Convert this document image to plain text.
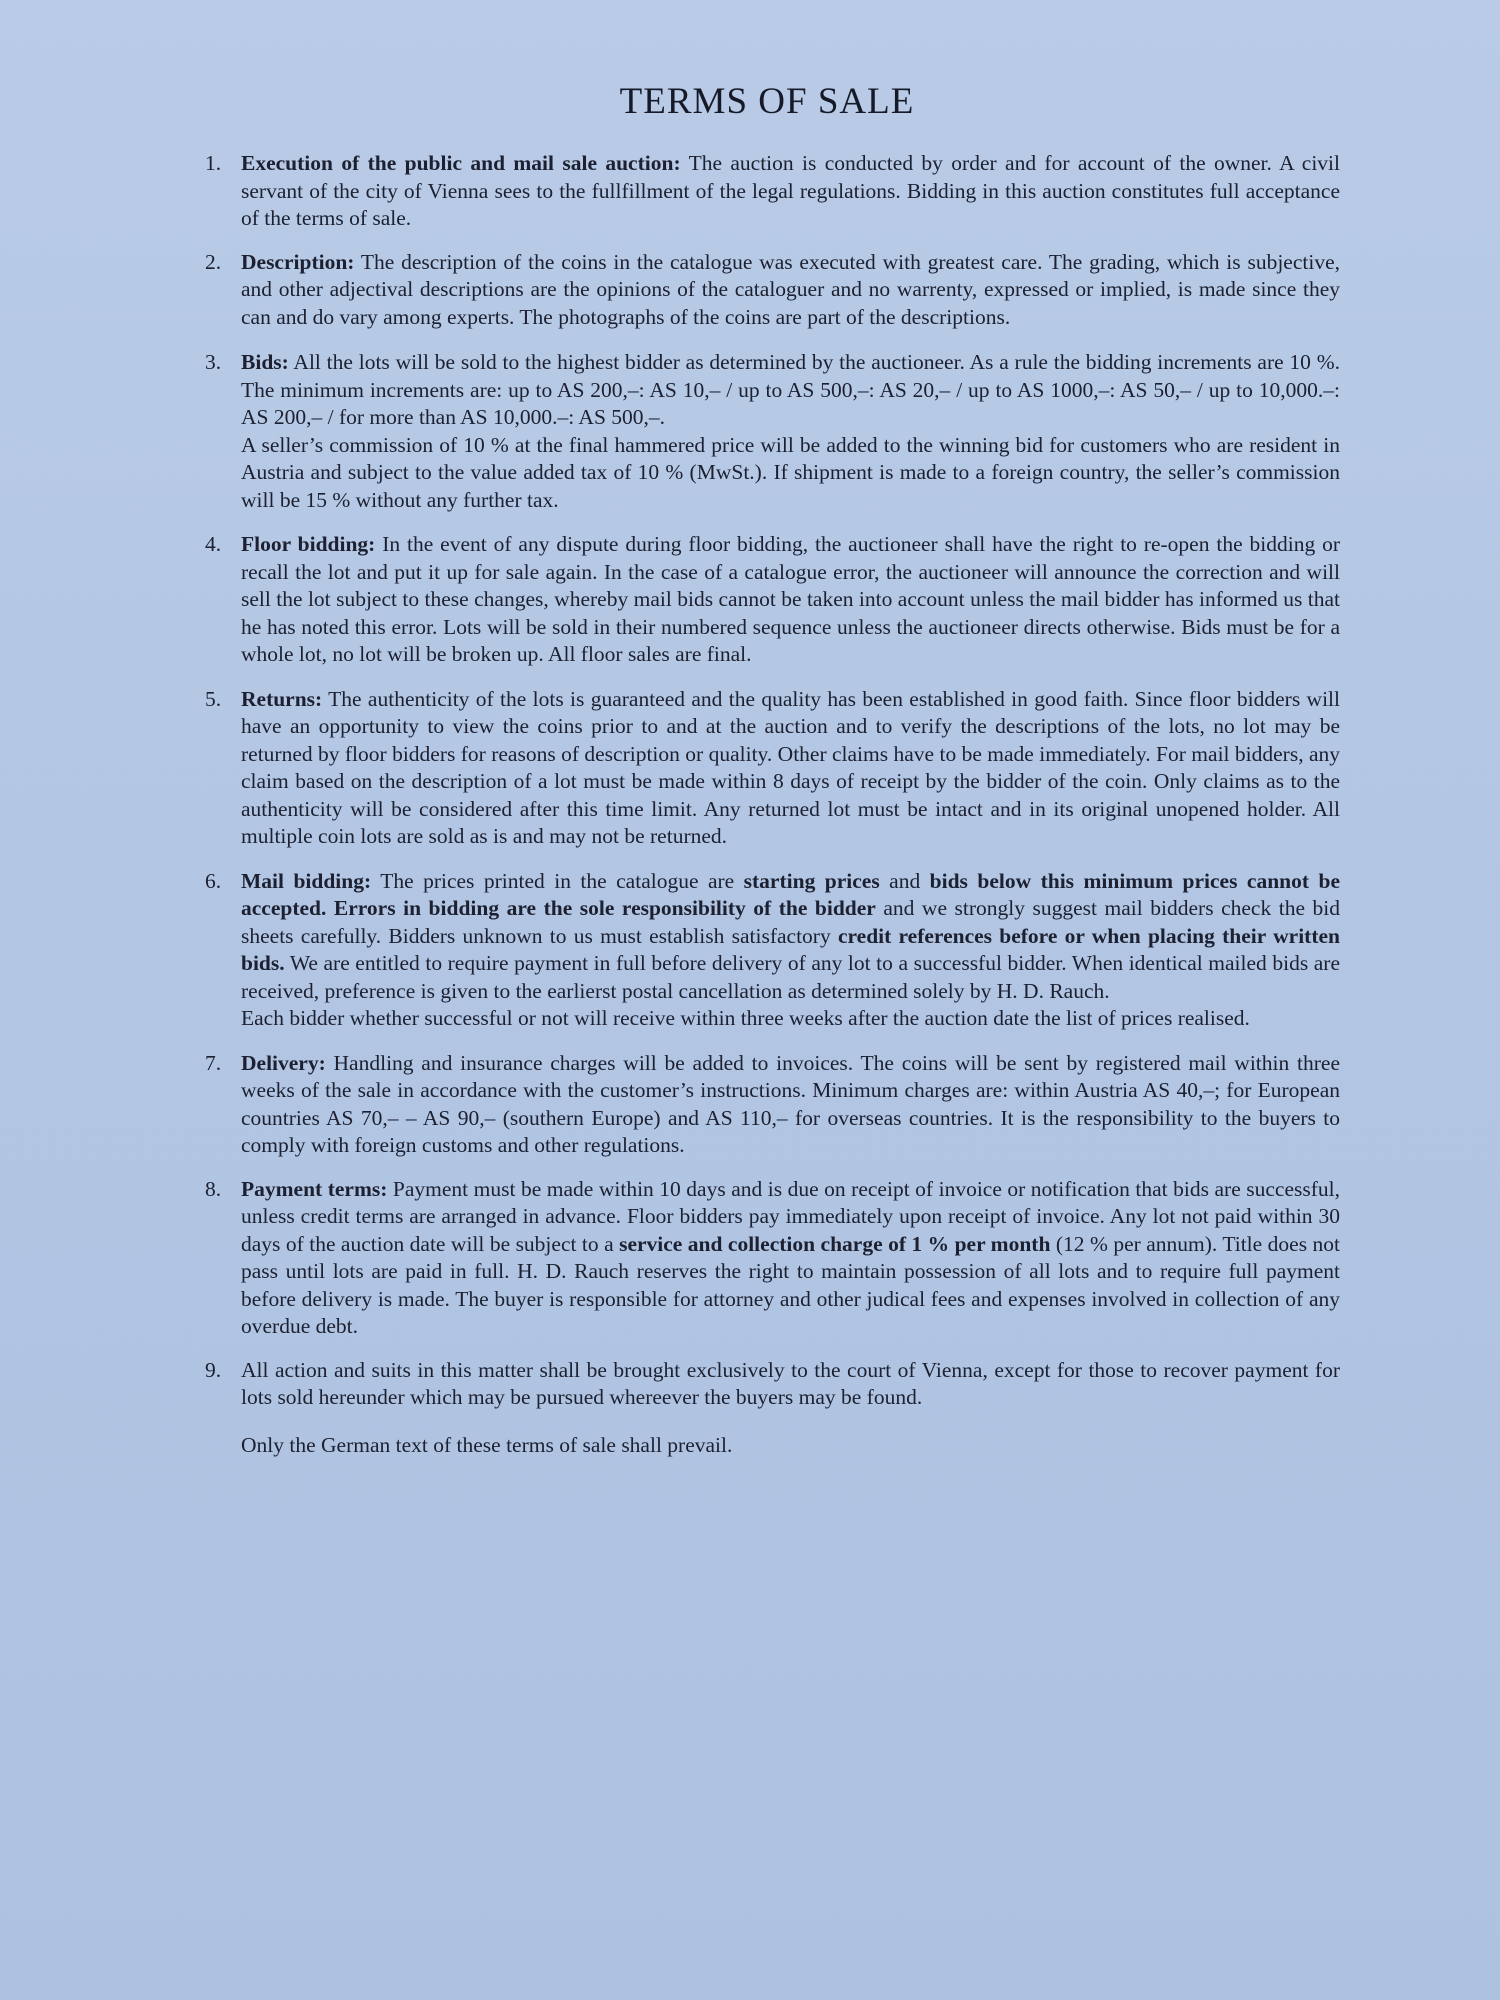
TERMS OF SALE
1. Execution of the public and mail sale auction: The auction is conducted by order and for account of the owner. A civil servant of the city of Vienna sees to the fullfillment of the legal regulations. Bidding in this auction constitutes full acceptance of the terms of sale.
2. Description: The description of the coins in the catalogue was executed with greatest care. The grading, which is subjective, and other adjectival descriptions are the opinions of the cataloguer and no warrenty, expressed or implied, is made since they can and do vary among experts. The photographs of the coins are part of the descriptions.
3. Bids: All the lots will be sold to the highest bidder as determined by the auctioneer. As a rule the bidding increments are 10 %. The minimum increments are: up to AS 200,–: AS 10,– / up to AS 500,–: AS 20,– / up to AS 1000,–: AS 50,– / up to 10,000.–: AS 200,– / for more than AS 10,000.–: AS 500,–.
A seller’s commission of 10 % at the final hammered price will be added to the winning bid for customers who are resident in Austria and subject to the value added tax of 10 % (MwSt.). If shipment is made to a foreign country, the seller’s commission will be 15 % without any further tax.
4. Floor bidding: In the event of any dispute during floor bidding, the auctioneer shall have the right to re-open the bidding or recall the lot and put it up for sale again. In the case of a catalogue error, the auctioneer will announce the correction and will sell the lot subject to these changes, whereby mail bids cannot be taken into account unless the mail bidder has informed us that he has noted this error. Lots will be sold in their numbered sequence unless the auctioneer directs otherwise. Bids must be for a whole lot, no lot will be broken up. All floor sales are final.
5. Returns: The authenticity of the lots is guaranteed and the quality has been established in good faith. Since floor bidders will have an opportunity to view the coins prior to and at the auction and to verify the descriptions of the lots, no lot may be returned by floor bidders for reasons of description or quality. Other claims have to be made immediately. For mail bidders, any claim based on the description of a lot must be made within 8 days of receipt by the bidder of the coin. Only claims as to the authenticity will be considered after this time limit. Any returned lot must be intact and in its original unopened holder. All multiple coin lots are sold as is and may not be returned.
6. Mail bidding: The prices printed in the catalogue are starting prices and bids below this minimum prices cannot be accepted. Errors in bidding are the sole responsibility of the bidder and we strongly suggest mail bidders check the bid sheets carefully. Bidders unknown to us must establish satisfactory credit references before or when placing their written bids. We are entitled to require payment in full before delivery of any lot to a successful bidder. When identical mailed bids are received, preference is given to the earlierst postal cancellation as determined solely by H. D. Rauch.
Each bidder whether successful or not will receive within three weeks after the auction date the list of prices realised.
7. Delivery: Handling and insurance charges will be added to invoices. The coins will be sent by registered mail within three weeks of the sale in accordance with the customer’s instructions. Minimum charges are: within Austria AS 40,–; for European countries AS 70,– – AS 90,– (southern Europe) and AS 110,– for overseas countries. It is the responsibility to the buyers to comply with foreign customs and other regulations.
8. Payment terms: Payment must be made within 10 days and is due on receipt of invoice or notification that bids are successful, unless credit terms are arranged in advance. Floor bidders pay immediately upon receipt of invoice. Any lot not paid within 30 days of the auction date will be subject to a service and collection charge of 1 % per month (12 % per annum). Title does not pass until lots are paid in full. H. D. Rauch reserves the right to maintain possession of all lots and to require full payment before delivery is made. The buyer is responsible for attorney and other judical fees and expenses involved in collection of any overdue debt.
9. All action and suits in this matter shall be brought exclusively to the court of Vienna, except for those to recover payment for lots sold hereunder which may be pursued whereever the buyers may be found.
Only the German text of these terms of sale shall prevail.
